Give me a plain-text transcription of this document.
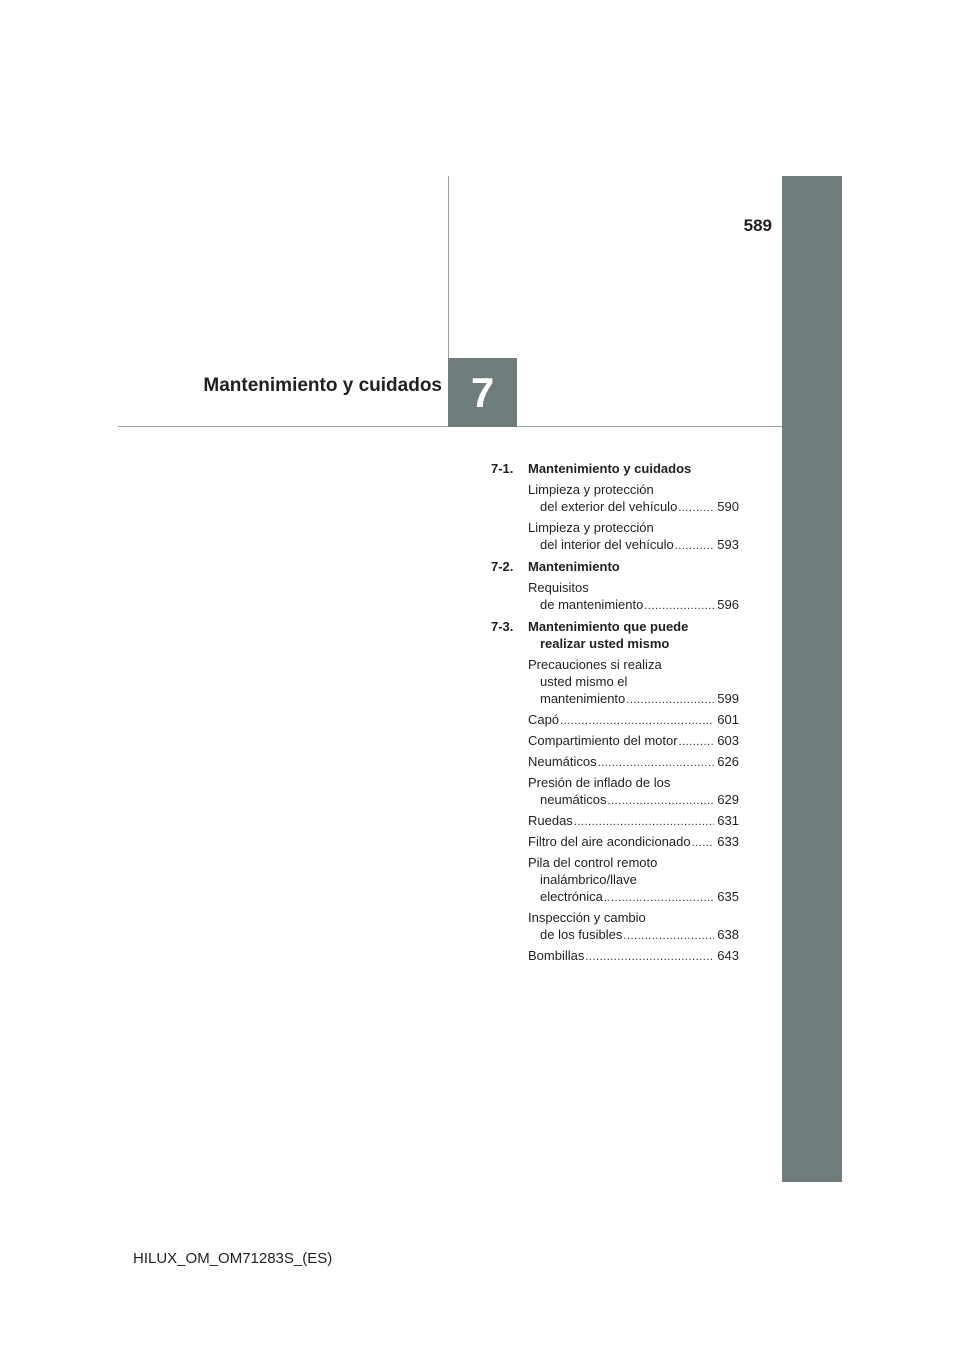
589
Mantenimiento y cuidados 7
7-1. Mantenimiento y cuidados
Limpieza y protección
del exterior del vehículo .....	590
Limpieza y protección
del interior del vehículo .....	593
7-2. Mantenimiento
Requisitos
de mantenimiento .....	596
7-3. Mantenimiento que puede
realizar usted mismo
Precauciones si realiza
usted mismo el
mantenimiento .....	599
Capó .....	601
Compartimiento del motor .....	603
Neumáticos .....	626
Presión de inflado de los
neumáticos .....	629
Ruedas .....	631
Filtro del aire acondicionado ..... 633
Pila del control remoto
inalámbrico/llave
electrónica .....	635
Inspección y cambio
de los fusibles .....	638
Bombillas .....	643
HILUX_OM_OM71283S_(ES)
